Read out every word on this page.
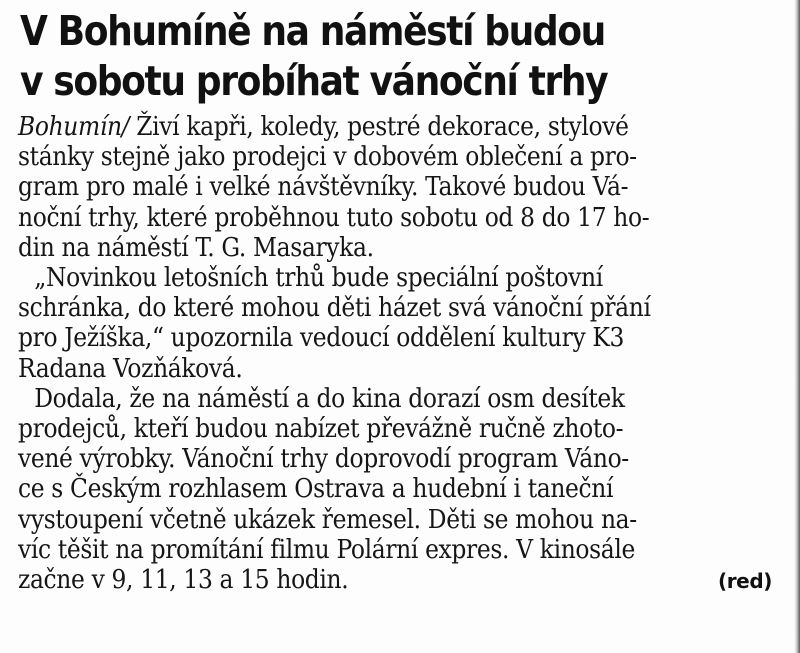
V Bohumíně na náměstí budou
v sobotu probíhat vánoční trhy
Bohumín/ Živí kapři, koledy, pestré dekorace, stylové
stánky stejně jako prodejci v dobovém oblečení a pro-
gram pro malé i velké návštěvníky. Takové budou Vá-
noční trhy, které proběhnou tuto sobotu od 8 do 17 ho-
din na náměstí T. G. Masaryka.
„Novinkou letošních trhů bude speciální poštovní
schránka, do které mohou děti házet svá vánoční přání
pro Ježíška,“ upozornila vedoucí oddělení kultury K3
Radana Vozňáková.
Dodala, že na náměstí a do kina dorazí osm desítek
prodejců, kteří budou nabízet převážně ručně zhoto-
vené výrobky. Vánoční trhy doprovodí program Váno-
ce s Českým rozhlasem Ostrava a hudební i taneční
vystoupení včetně ukázek řemesel. Děti se mohou na-
víc těšit na promítání filmu Polární expres. V kinosále
začne v 9, 11, 13 a 15 hodin.	(red)
